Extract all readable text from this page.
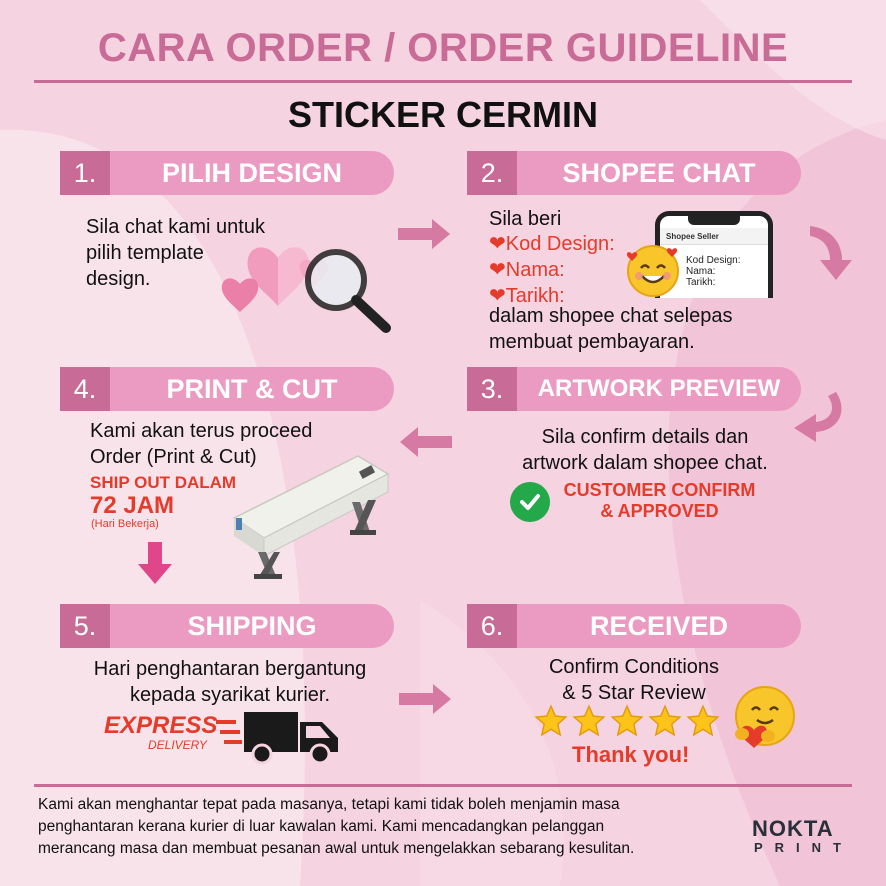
CARA ORDER / ORDER GUIDELINE
STICKER CERMIN
1.	PILIH DESIGN
Sila chat kami untuk
pilih template
design.
2.	SHOPEE CHAT
Sila beri
❤Kod Design:
❤Nama:
❤Tarikh:
dalam shopee chat selepas
membuat pembayaran.
Shopee Seller
Kod Design:
Nama:
Tarikh:
4.	PRINT & CUT
Kami akan terus proceed
Order (Print & Cut)
SHIP OUT DALAM
72 JAM
(Hari Bekerja)
3.	ARTWORK PREVIEW
Sila confirm details dan
artwork dalam shopee chat.
CUSTOMER CONFIRM
& APPROVED
5.	SHIPPING
Hari penghantaran bergantung
kepada syarikat kurier.
EXPRESS
DELIVERY
6.	RECEIVED
Confirm Conditions
& 5 Star Review
Thank you!
Kami akan menghantar tepat pada masanya, tetapi kami tidak boleh menjamin masa
penghantaran kerana kurier di luar kawalan kami. Kami mencadangkan pelanggan
merancang masa dan membuat pesanan awal untuk mengelakkan sebarang kesulitan.
NOKTA
PRINT
